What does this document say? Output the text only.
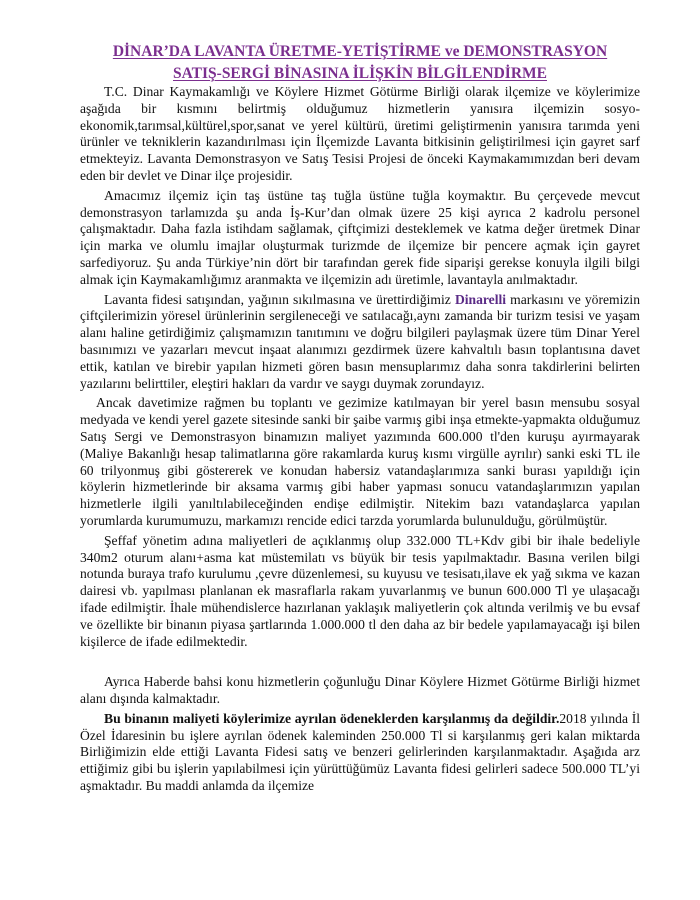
DİNAR’DA LAVANTA ÜRETME-YETİŞTİRME ve DEMONSTRASYON
SATIŞ-SERGİ BİNASINA İLİŞKİN BİLGİLENDİRME

T.C. Dinar Kaymakamlığı ve Köylere Hizmet Götürme Birliği olarak ilçemize ve köylerimize aşağıda bir kısmını belirtmiş olduğumuz hizmetlerin yanısıra ilçemizin sosyo-ekonomik,tarımsal,kültürel,spor,sanat ve yerel kültürü, üretimi geliştirmenin yanısıra tarımda yeni ürünler ve tekniklerin kazandırılması için İlçemizde Lavanta bitkisinin geliştirilmesi için gayret sarf etmekteyiz. Lavanta Demonstrasyon ve Satış Tesisi Projesi de önceki Kaymakamımızdan beri devam eden bir devlet ve Dinar ilçe projesidir.

Amacımız ilçemiz için taş üstüne taş tuğla üstüne tuğla koymaktır. Bu çerçevede mevcut demonstrasyon tarlamızda şu anda İş-Kur’dan olmak üzere 25 kişi ayrıca 2 kadrolu personel çalışmaktadır. Daha fazla istihdam sağlamak, çiftçimizi desteklemek ve katma değer üretmek Dinar için marka ve olumlu imajlar oluşturmak turizmde de ilçemize bir pencere açmak için gayret sarfediyoruz. Şu anda Türkiye’nin dört bir tarafından gerek fide siparişi gerekse konuyla ilgili bilgi almak için Kaymakamlığımız aranmakta ve ilçemizin adı üretimle, lavantayla anılmaktadır.

Lavanta fidesi satışından, yağının sıkılmasına ve ürettirdiğimiz Dinarelli markasını ve yöremizin çiftçilerimizin yöresel ürünlerinin sergileneceği ve satılacağı,aynı zamanda bir turizm tesisi ve yaşam alanı haline getirdiğimiz çalışmamızın tanıtımını ve doğru bilgileri paylaşmak üzere tüm Dinar Yerel basınımızı ve yazarları mevcut inşaat alanımızı gezdirmek üzere kahvaltılı basın toplantısına davet ettik, katılan ve birebir yapılan hizmeti gören basın mensuplarımız daha sonra takdirlerini belirten yazılarını belirttiler, eleştiri hakları da vardır ve saygı duymak zorundayız.

Ancak davetimize rağmen bu toplantı ve gezimize katılmayan bir yerel basın mensubu sosyal medyada ve kendi yerel gazete sitesinde sanki bir şaibe varmış gibi inşa etmekte-yapmakta olduğumuz Satış Sergi ve Demonstrasyon binamızın maliyet yazımında 600.000 tl'den kuruşu ayırmayarak (Maliye Bakanlığı hesap talimatlarına göre rakamlarda kuruş kısmı virgülle ayrılır) sanki eski TL ile 60 trilyonmuş gibi göstererek ve konudan habersiz vatandaşlarımıza sanki burası yapıldığı için köylerin hizmetlerinde bir aksama varmış gibi haber yapması sonucu vatandaşlarımızın yapılan hizmetlerle ilgili yanıltılabileceğinden endişe edilmiştir. Nitekim bazı vatandaşlarca yapılan yorumlarda kurumumuzu, markamızı rencide edici tarzda yorumlarda bulunulduğu, görülmüştür.

Şeffaf yönetim adına maliyetleri de açıklanmış olup 332.000 TL+Kdv gibi bir ihale bedeliyle 340m2 oturum alanı+asma kat müstemilatı vs büyük bir tesis yapılmaktadır. Basına verilen bilgi notunda buraya trafo kurulumu ,çevre düzenlemesi, su kuyusu ve tesisatı,ilave ek yağ sıkma ve kazan dairesi vb. yapılması planlanan ek masraflarla rakam yuvarlanmış ve bunun 600.000 Tl ye ulaşacağı ifade edilmiştir. İhale mühendislerce hazırlanan yaklaşık maliyetlerin çok altında verilmiş ve bu evsaf ve özellikte bir binanın piyasa şartlarında 1.000.000 tl den daha az bir bedele yapılamayacağı işi bilen kişilerce de ifade edilmektedir.

Ayrıca Haberde bahsi konu hizmetlerin çoğunluğu Dinar Köylere Hizmet Götürme Birliği hizmet alanı dışında kalmaktadır.

Bu binanın maliyeti köylerimize ayrılan ödeneklerden karşılanmış da değildir.2018 yılında İl Özel İdaresinin bu işlere ayrılan ödenek kaleminden 250.000 Tl si karşılanmış geri kalan miktarda Birliğimizin elde ettiği Lavanta Fidesi satış ve benzeri gelirlerinden karşılanmaktadır. Aşağıda arz ettiğimiz gibi bu işlerin yapılabilmesi için yürüttüğümüz Lavanta fidesi gelirleri sadece 500.000 TL’yi aşmaktadır. Bu maddi anlamda da ilçemize
